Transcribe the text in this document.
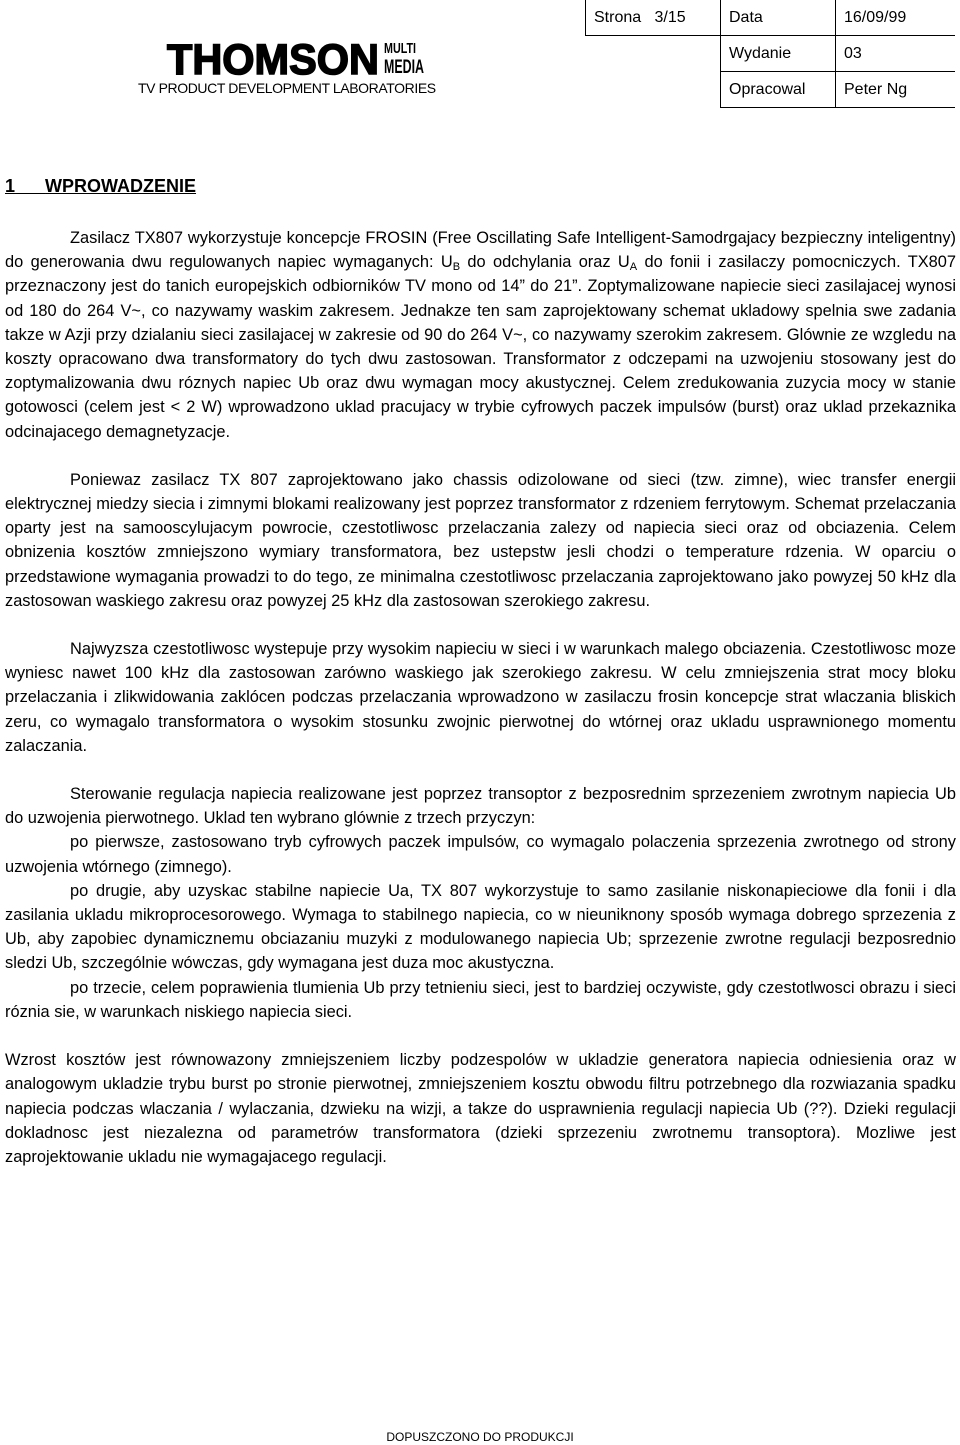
THOMSON MULTI
MEDIA
TV PRODUCT DEVELOPMENT LABORATORIES
Strona 3/15	Data	16/09/99
	Wydanie	03
	Opracowal	Peter Ng
1 WPROWADZENIE

Zasilacz TX807 wykorzystuje koncepcje FROSIN (Free Oscillating Safe Intelligent-Samodrgajacy bezpieczny inteligentny) do generowania dwu regulowanych napiec wymaganych: $U_B$ do odchylania oraz $U_A$ do fonii i zasilaczy pomocniczych. TX807 przeznaczony jest do tanich europejskich odbiorników TV mono od 14” do 21”. Zoptymalizowane napiecie sieci zasilajacej wynosi od 180 do 264 V~, co nazywamy waskim zakresem. Jednakze ten sam zaprojektowany schemat ukladowy spelnia swe zadania takze w Azji przy dzialaniu sieci zasilajacej w zakresie od 90 do 264 V~, co nazywamy szerokim zakresem. Glównie ze wzgledu na koszty opracowano dwa transformatory do tych dwu zastosowan. Transformator z odczepami na uzwojeniu stosowany jest do zoptymalizowania dwu róznych napiec Ub oraz dwu wymagan mocy akustycznej. Celem zredukowania zuzycia mocy w stanie gotowosci (celem jest < 2 W) wprowadzono uklad pracujacy w trybie cyfrowych paczek impulsów (burst) oraz uklad przekaznika odcinajacego demagnetyzacje.

Poniewaz zasilacz TX 807 zaprojektowano jako chassis odizolowane od sieci (tzw. zimne), wiec transfer energii elektrycznej miedzy siecia i zimnymi blokami realizowany jest poprzez transformator z rdzeniem ferrytowym. Schemat przelaczania oparty jest na samooscylujacym powrocie, czestotliwosc przelaczania zalezy od napiecia sieci oraz od obciazenia. Celem obnizenia kosztów zmniejszono wymiary transformatora, bez ustepstw jesli chodzi o temperature rdzenia. W oparciu o przedstawione wymagania prowadzi to do tego, ze minimalna czestotliwosc przelaczania zaprojektowano jako powyzej 50 kHz dla zastosowan waskiego zakresu oraz powyzej 25 kHz dla zastosowan szerokiego zakresu.

Najwyzsza czestotliwosc wystepuje przy wysokim napieciu w sieci i w warunkach malego obciazenia. Czestotliwosc moze wyniesc nawet 100 kHz dla zastosowan zarówno waskiego jak szerokiego zakresu. W celu zmniejszenia strat mocy bloku przelaczania i zlikwidowania zaklócen podczas przelaczania wprowadzono w zasilaczu frosin koncepcje strat wlaczania bliskich zeru, co wymagalo transformatora o wysokim stosunku zwojnic pierwotnej do wtórnej oraz ukladu usprawnionego momentu zalaczania.

Sterowanie regulacja napiecia realizowane jest poprzez transoptor z bezposrednim sprzezeniem zwrotnym napiecia Ub do uzwojenia pierwotnego. Uklad ten wybrano glównie z trzech przyczyn:

po pierwsze, zastosowano tryb cyfrowych paczek impulsów, co wymagalo polaczenia sprzezenia zwrotnego od strony uzwojenia wtórnego (zimnego).

po drugie, aby uzyskac stabilne napiecie Ua, TX 807 wykorzystuje to samo zasilanie niskonapieciowe dla fonii i dla zasilania ukladu mikroprocesorowego. Wymaga to stabilnego napiecia, co w nieuniknony sposób wymaga dobrego sprzezenia z Ub, aby zapobiec dynamicznemu obciazaniu muzyki z modulowanego napiecia Ub; sprzezenie zwrotne regulacji bezposrednio sledzi Ub, szczególnie wówczas, gdy wymagana jest duza moc akustyczna.

po trzecie, celem poprawienia tlumienia Ub przy tetnieniu sieci, jest to bardziej oczywiste, gdy czestotlwosci obrazu i sieci róznia sie, w warunkach niskiego napiecia sieci.

Wzrost kosztów jest równowazony zmniejszeniem liczby podzespolów w ukladzie generatora napiecia odniesienia oraz w analogowym ukladzie trybu burst po stronie pierwotnej, zmniejszeniem kosztu obwodu filtru potrzebnego dla rozwiazania spadku napiecia podczas wlaczania / wylaczania, dzwieku na wizji, a takze do usprawnienia regulacji napiecia Ub (??). Dzieki regulacji dokladnosc jest niezalezna od parametrów transformatora (dzieki sprzezeniu zwrotnemu transoptora). Mozliwe jest zaprojektowanie ukladu nie wymagajacego regulacji.

DOPUSZCZONO DO PRODUKCJI
